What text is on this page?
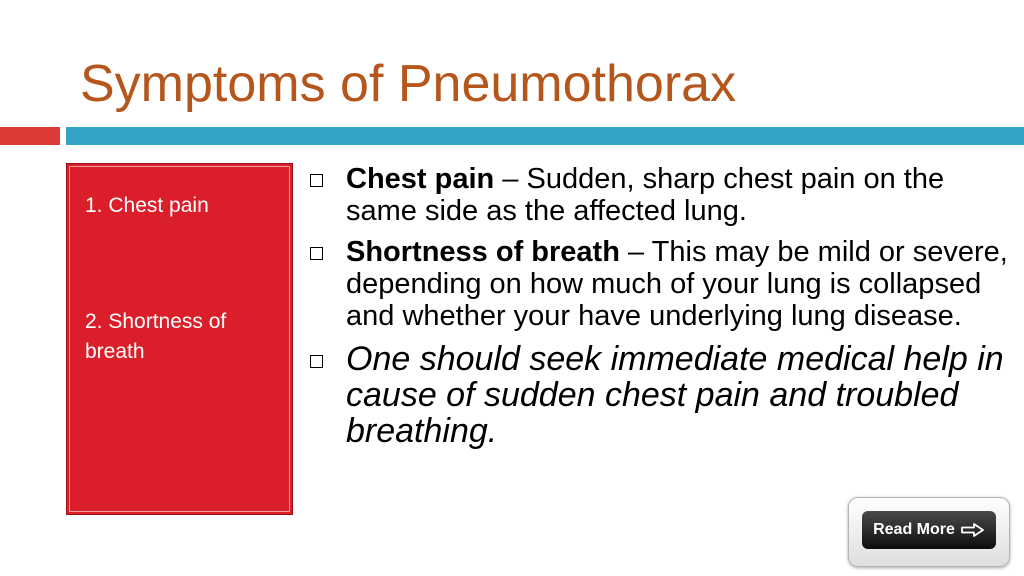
Symptoms of Pneumothorax

1. Chest pain

2. Shortness of breath

Chest pain – Sudden, sharp chest pain on the same side as the affected lung.
Shortness of breath – This may be mild or severe, depending on how much of your lung is collapsed and whether your have underlying lung disease.
One should seek immediate medical help in cause of sudden chest pain and troubled breathing.
Read More
